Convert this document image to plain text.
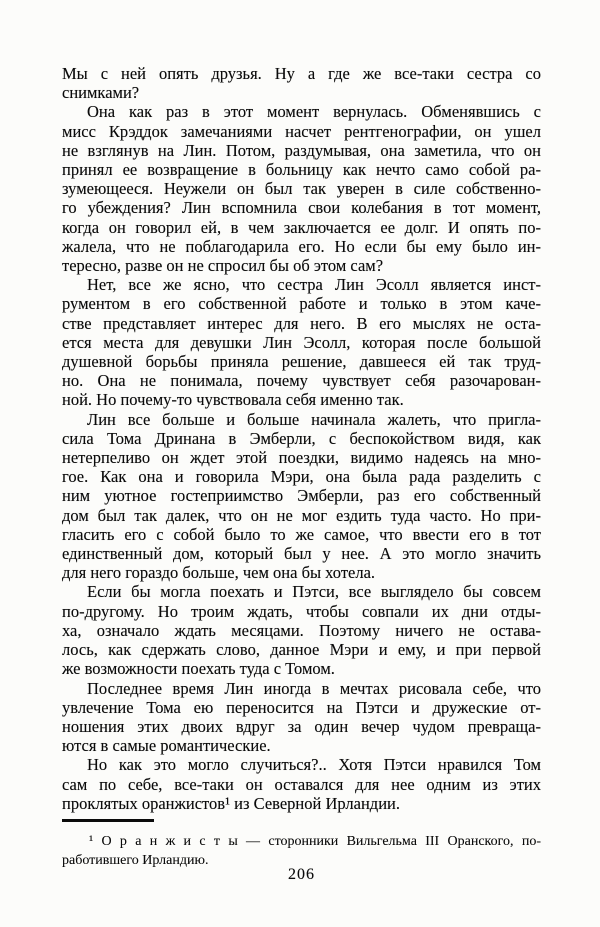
Мы с ней опять друзья. Ну а где же все-таки сестра со
снимками?
Она как раз в этот момент вернулась. Обменявшись с
мисс Крэддок замечаниями насчет рентгенографии, он ушел
не взглянув на Лин. Потом, раздумывая, она заметила, что он
принял ее возвращение в больницу как нечто само собой ра-
зумеющееся. Неужели он был так уверен в силе собственно-
го убеждения? Лин вспомнила свои колебания в тот момент,
когда он говорил ей, в чем заключается ее долг. И опять по-
жалела, что не поблагодарила его. Но если бы ему было ин-
тересно, разве он не спросил бы об этом сам?
Нет, все же ясно, что сестра Лин Эсолл является инст-
рументом в его собственной работе и только в этом каче-
стве представляет интерес для него. В его мыслях не оста-
ется места для девушки Лин Эсолл, которая после большой
душевной борьбы приняла решение, давшееся ей так труд-
но. Она не понимала, почему чувствует себя разочарован-
ной. Но почему-то чувствовала себя именно так.
Лин все больше и больше начинала жалеть, что пригла-
сила Тома Дринана в Эмберли, с беспокойством видя, как
нетерпеливо он ждет этой поездки, видимо надеясь на мно-
гое. Как она и говорила Мэри, она была рада разделить с
ним уютное гостеприимство Эмберли, раз его собственный
дом был так далек, что он не мог ездить туда часто. Но при-
гласить его с собой было то же самое, что ввести его в тот
единственный дом, который был у нее. А это могло значить
для него гораздо больше, чем она бы хотела.
Если бы могла поехать и Пэтси, все выглядело бы совсем
по-другому. Но троим ждать, чтобы совпали их дни отды-
ха, означало ждать месяцами. Поэтому ничего не остава-
лось, как сдержать слово, данное Мэри и ему, и при первой
же возможности поехать туда с Томом.
Последнее время Лин иногда в мечтах рисовала себе, что
увлечение Тома ею переносится на Пэтси и дружеские от-
ношения этих двоих вдруг за один вечер чудом превраща-
ются в самые романтические.
Но как это могло случиться?.. Хотя Пэтси нравился Том
сам по себе, все-таки он оставался для нее одним из этих
проклятых оранжистов¹ из Северной Ирландии.
¹ О р а н ж и с т ы — сторонники Вильгельма III Оранского, по-
работившего Ирландию.
206
